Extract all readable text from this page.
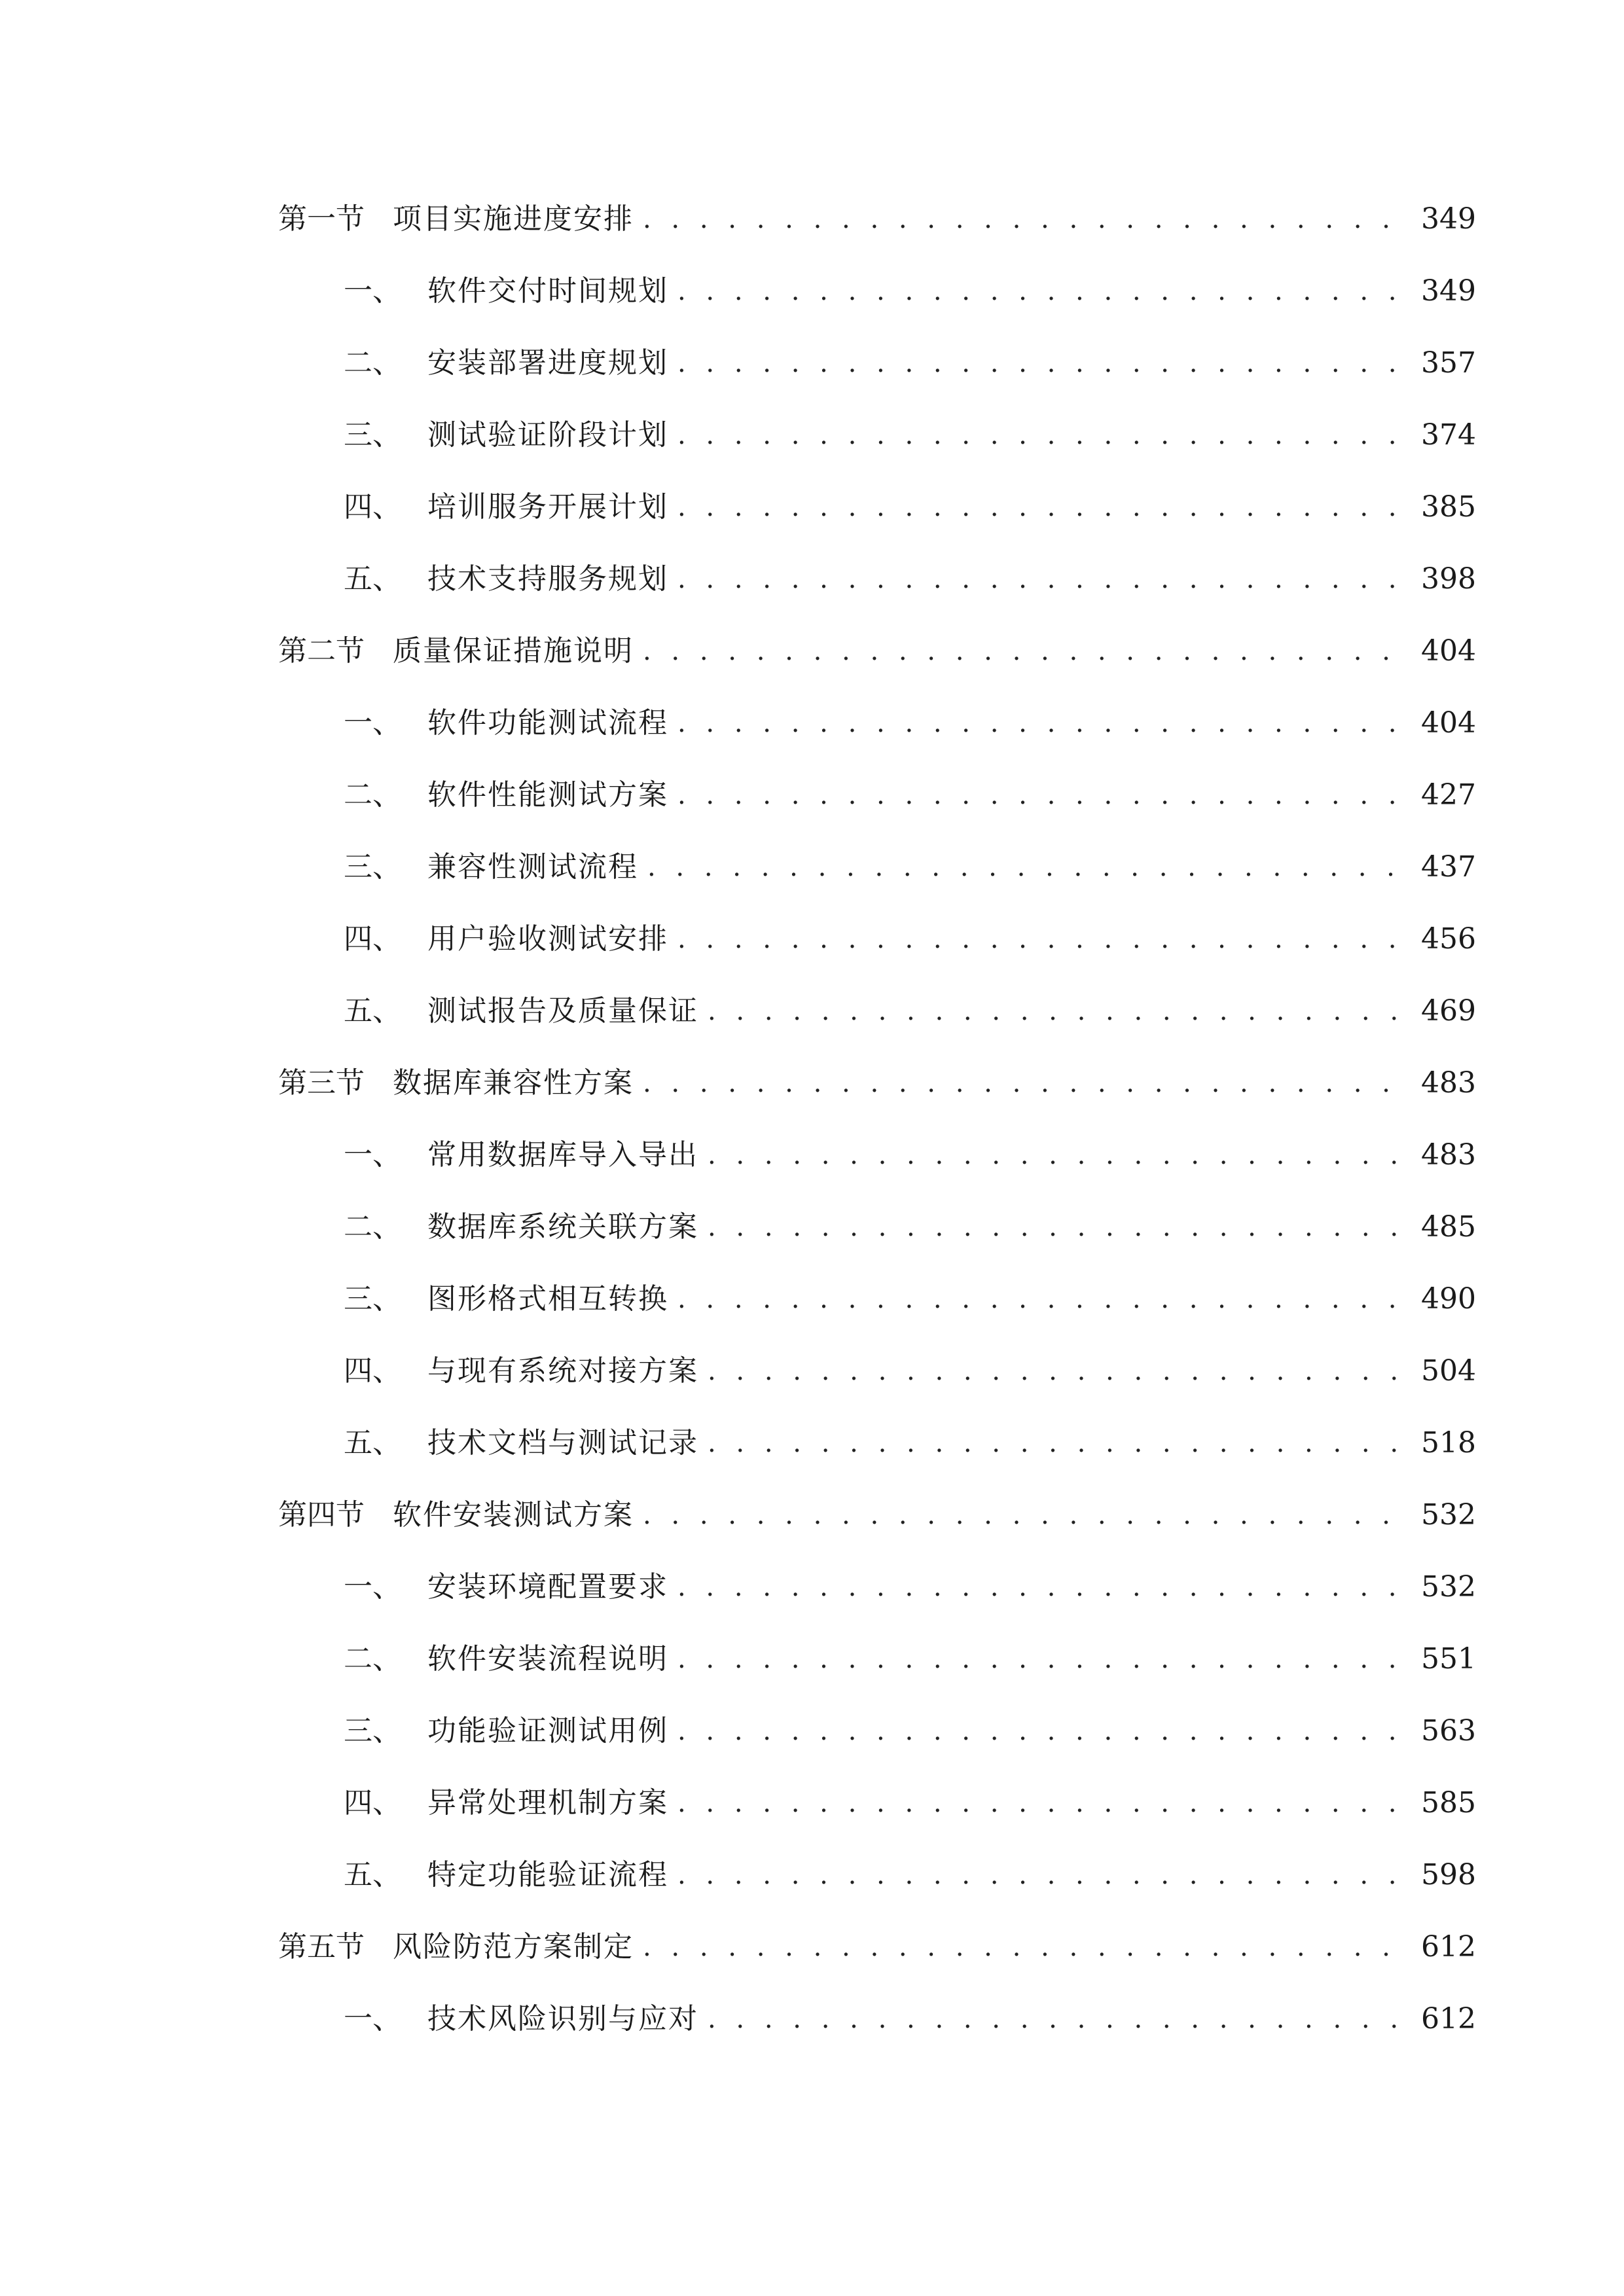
第一节 项目实施进度安排 . . .	349
一、 软件交付时间规划 . . .	349
二、 安装部署进度规划 . . .	357
三、 测试验证阶段计划 . . .	374
四、 培训服务开展计划 . . .	385
五、 技术支持服务规划 . . .	398
第二节 质量保证措施说明 . . .	404
一、 软件功能测试流程 . . .	404
二、 软件性能测试方案 . . .	427
三、 兼容性测试流程 . . .	437
四、 用户验收测试安排 . . .	456
五、 测试报告及质量保证 . . .	469
第三节 数据库兼容性方案 . . .	483
一、 常用数据库导入导出 . . .	483
二、 数据库系统关联方案 . . .	485
三、 图形格式相互转换 . . .	490
四、 与现有系统对接方案 . . .	504
五、 技术文档与测试记录 . . .	518
第四节 软件安装测试方案 . . .	532
一、 安装环境配置要求 . . .	532
二、 软件安装流程说明 . . .	551
三、 功能验证测试用例 . . .	563
四、 异常处理机制方案 . . .	585
五、 特定功能验证流程 . . .	598
第五节 风险防范方案制定 . . .	612
一、 技术风险识别与应对 . . .	612
